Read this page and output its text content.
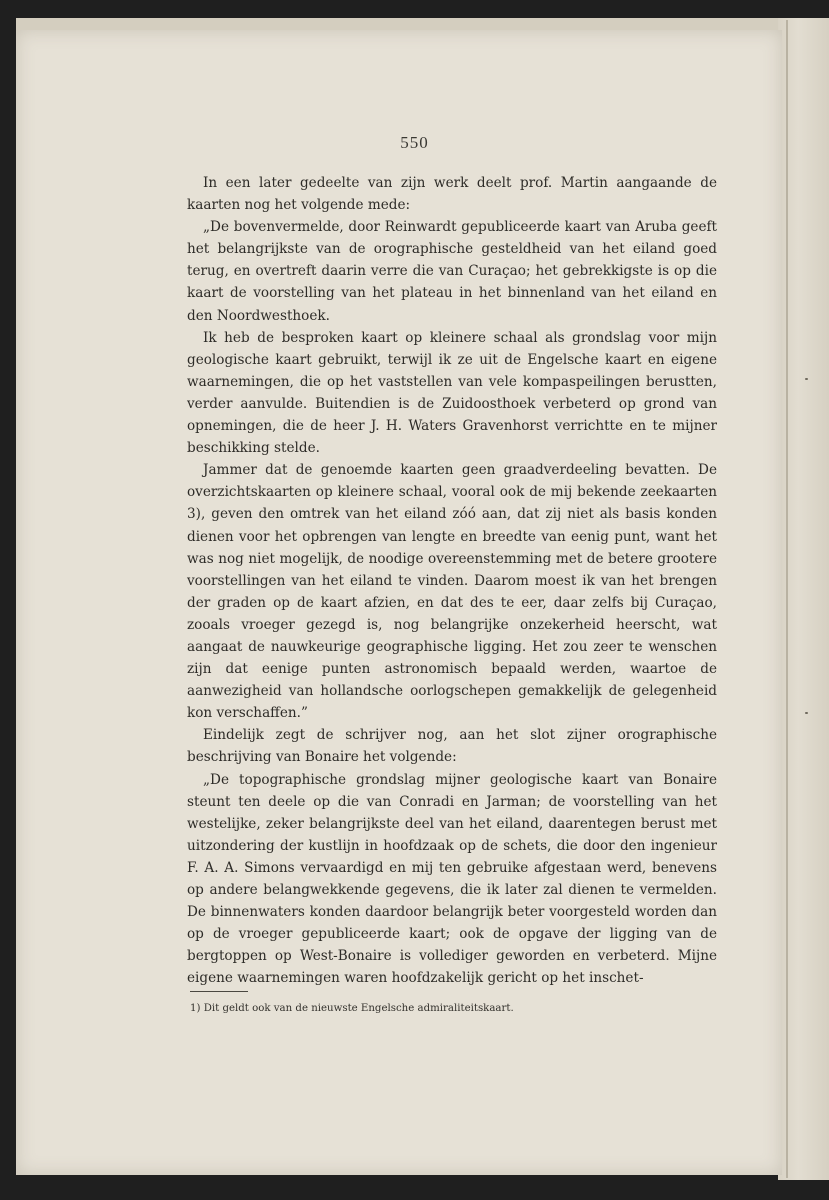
550

In een later gedeelte van zijn werk deelt prof. Martin aangaande de kaarten nog het volgende mede:

„De bovenvermelde, door Reinwardt gepubliceerde kaart van Aruba geeft het belangrijkste van de orographische gesteldheid van het eiland goed terug, en overtreft daarin verre die van Curaçao; het gebrekkigste is op die kaart de voorstelling van het plateau in het binnenland van het eiland en den Noordwesthoek.

Ik heb de besproken kaart op kleinere schaal als grondslag voor mijn geologische kaart gebruikt, terwijl ik ze uit de Engelsche kaart en eigene waarnemingen, die op het vaststellen van vele kompaspeilingen berustten, verder aanvulde. Buitendien is de Zuidoosthoek verbeterd op grond van opnemingen, die de heer J. H. Waters Gravenhorst verrichtte en te mijner beschikking stelde.

Jammer dat de genoemde kaarten geen graadverdeeling bevatten. De overzichtskaarten op kleinere schaal, vooral ook de mij bekende zeekaarten 3), geven den omtrek van het eiland zóó aan, dat zij niet als basis konden dienen voor het opbrengen van lengte en breedte van eenig punt, want het was nog niet mogelijk, de noodige overeenstemming met de betere grootere voorstellingen van het eiland te vinden. Daarom moest ik van het brengen der graden op de kaart afzien, en dat des te eer, daar zelfs bij Curaçao, zooals vroeger gezegd is, nog belangrijke onzekerheid heerscht, wat aangaat de nauwkeurige geographische ligging. Het zou zeer te wenschen zijn dat eenige punten astronomisch bepaald werden, waartoe de aanwezigheid van hollandsche oorlogschepen gemakkelijk de gelegenheid kon verschaffen.”

Eindelijk zegt de schrijver nog, aan het slot zijner orographische beschrijving van Bonaire het volgende:

„De topographische grondslag mijner geologische kaart van Bonaire steunt ten deele op die van Conradi en Jarman; de voorstelling van het westelijke, zeker belangrijkste deel van het eiland, daarentegen berust met uitzondering der kustlijn in hoofdzaak op de schets, die door den ingenieur F. A. A. Simons vervaardigd en mij ten gebruike afgestaan werd, benevens op andere belangwekkende gegevens, die ik later zal dienen te vermelden. De binnenwaters konden daardoor belangrijk beter voorgesteld worden dan op de vroeger gepubliceerde kaart; ook de opgave der ligging van de bergtoppen op West-Bonaire is vollediger geworden en verbeterd. Mijne eigene waarnemingen waren hoofdzakelijk gericht op het inschet-

1) Dit geldt ook van de nieuwste Engelsche admiraliteitskaart.
